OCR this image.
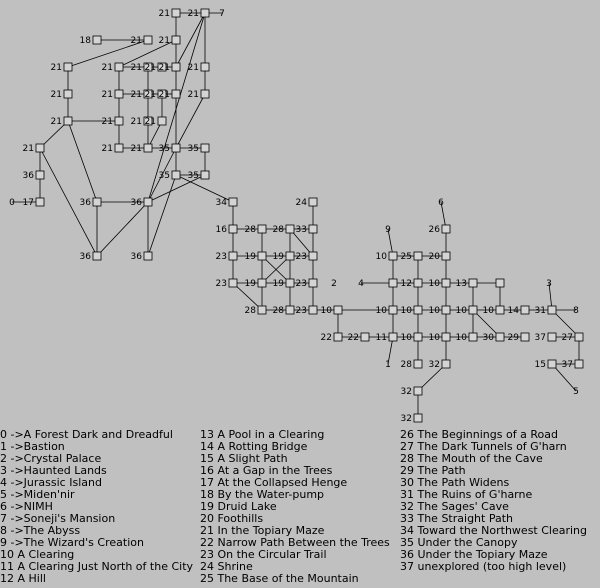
21 21 7
18	21 21
21	21 21 21 21 21
21	21 21 21 21 21
21	21 21 21
21 21 35 35
21
35 35
0 17	36	36	34
36
36	36
16 28 28 33
23 19 19 23
23 19 19 23
28 28 23
24	6
26
9
10 25 20
4	12 10 13
2
10	10 10 10 10 10 14
3
31	8
22 22 11 10 10 10 30 29 37 27
1 28 32	15 37
32	5
32
0 ->A Forest Dark and Dreadful
1 ->Bastion
2 ->Crystal Palace
3 ->Haunted Lands
4 ->Jurassic Island
5 ->Miden'nir
6 ->NIMH
7 ->Soneji's Mansion
8 ->The Abyss
9 ->The Wizard's Creation
10 A Clearing
11 A Clearing Just North of the City
12 A Hill
13 A Pool in a Clearing
14 A Rotting Bridge
15 A Slight Path
16 At a Gap in the Trees
17 At the Collapsed Henge
18 By the Water-pump
19 Druid Lake
20 Foothills
21 In the Topiary Maze
22 Narrow Path Between the Trees
23 On the Circular Trail
24 Shrine
25 The Base of the Mountain
26 The Beginnings of a Road
27 The Dark Tunnels of G'harn
28 The Mouth of the Cave
29 The Path
30 The Path Widens
31 The Ruins of G'harne
32 The Sages' Cave
33 The Straight Path
34 Toward the Northwest Clearing
35 Under the Canopy
36 Under the Topiary Maze
37 unexplored (too high level)
